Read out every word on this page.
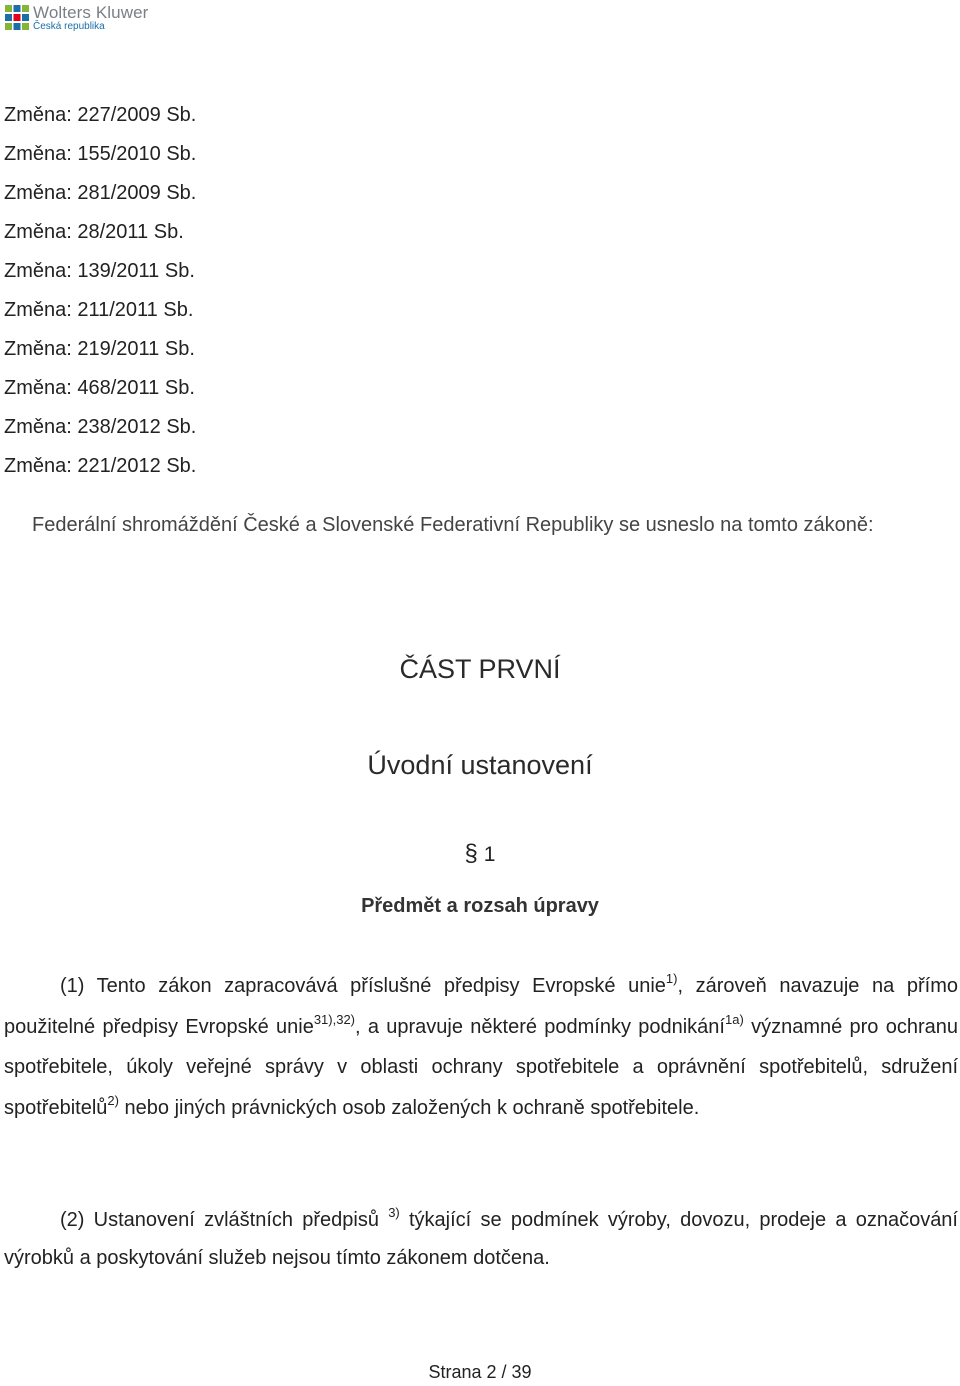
Wolters Kluwer
Česká republika
Změna: 227/2009 Sb.
Změna: 155/2010 Sb.
Změna: 281/2009 Sb.
Změna: 28/2011 Sb.
Změna: 139/2011 Sb.
Změna: 211/2011 Sb.
Změna: 219/2011 Sb.
Změna: 468/2011 Sb.
Změna: 238/2012 Sb.
Změna: 221/2012 Sb.

Federální shromáždění České a Slovenské Federativní Republiky se usneslo na tomto zákoně:

ČÁST PRVNÍ
Úvodní ustanovení
§ 1
Předmět a rozsah úpravy

(1) Tento zákon zapracovává příslušné předpisy Evropské unie$^{1)}$, zároveň navazuje na přímo použitelné předpisy Evropské unie$^{31),32)}$, a upravuje některé podmínky podnikání$^{1a)}$ významné pro ochranu spotřebitele, úkoly veřejné správy v oblasti ochrany spotřebitele a oprávnění spotřebitelů, sdružení spotřebitelů$^{2)}$ nebo jiných právnických osob založených k ochraně spotřebitele.

(2) Ustanovení zvláštních předpisů $^{3)}$ týkající se podmínek výroby, dovozu, prodeje a označování výrobků a poskytování služeb nejsou tímto zákonem dotčena.

Strana 2 / 39
